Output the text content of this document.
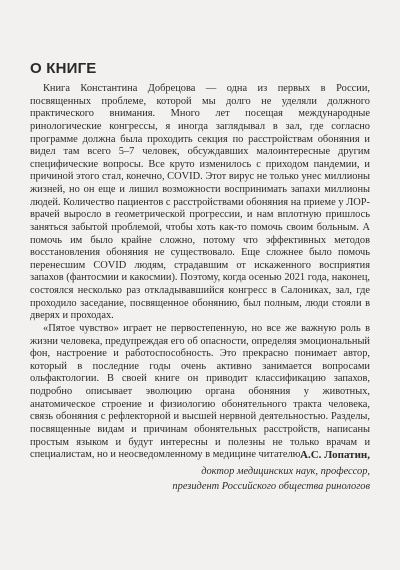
О КНИГЕ

Книга Константина Добрецова — одна из первых в России, посвященных проблеме, которой мы долго не уделяли должного практического внимания. Много лет посещая международные ринологические конгрессы, я иногда заглядывал в зал, где согласно программе должна была проходить секция по расстройствам обоняния и видел там всего 5–7 человек, обсуждавших малоинтересные другим специфические вопросы. Все круто изменилось с приходом пандемии, и причиной этого стал, конечно, COVID. Этот вирус не только унес миллионы жизней, но он еще и лишил возможности воспринимать запахи миллионы людей. Количество пациентов с расстройствами обоняния на приеме у ЛОР-врачей выросло в геометрической прогрессии, и нам вплотную пришлось заняться забытой проблемой, чтобы хоть как-то помочь своим больным. А помочь им было крайне сложно, потому что эффективных методов восстановления обоняния не существовало. Еще сложнее было помочь перенесшим COVID людям, страдавшим от искаженного восприятия запахов (фантосмии и какосмии). Поэтому, когда осенью 2021 года, наконец, состоялся несколько раз откладывавшийся конгресс в Салониках, зал, где проходило заседание, посвященное обонянию, был полным, люди стояли в дверях и проходах.

«Пятое чувство» играет не первостепенную, но все же важную роль в жизни человека, предупреждая его об опасности, определяя эмоциональный фон, настроение и работоспособность. Это прекрасно понимает автор, который в последние годы очень активно занимается вопросами ольфактологии. В своей книге он приводит классификацию запахов, подробно описывает эволюцию органа обоняния у животных, анатомическое строение и физиологию обонятельного тракта человека, связь обоняния с рефлекторной и высшей нервной деятельностью. Разделы, посвященные видам и причинам обонятельных расстройств, написаны простым языком и будут интересны и полезны не только врачам и специалистам, но и неосведомленному в медицине читателю.

А.С. Лопатин,
доктор медицинских наук, профессор,
президент Российского общества ринологов
